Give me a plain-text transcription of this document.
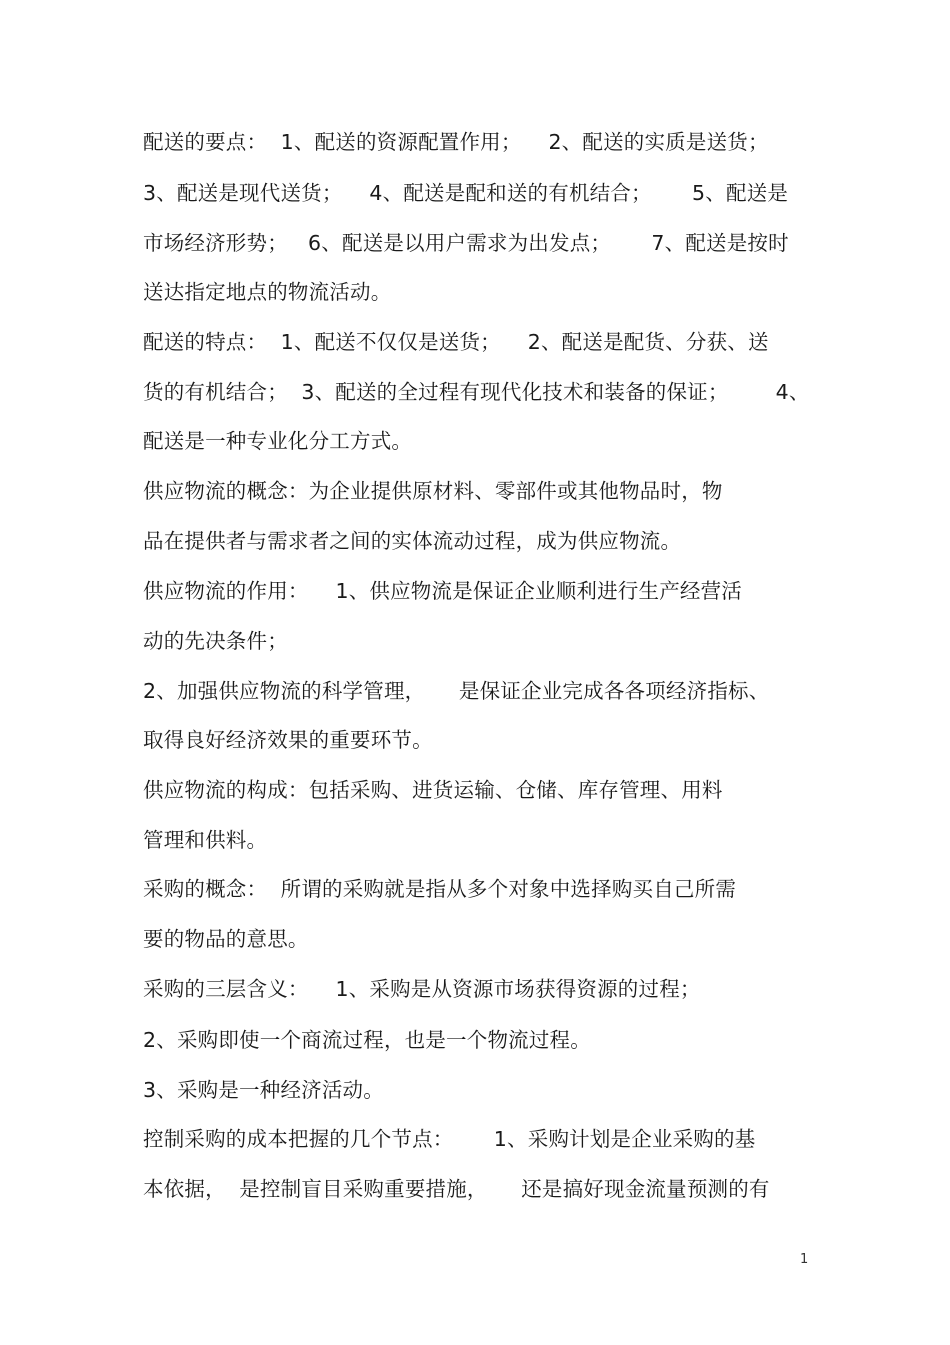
配送的要点：  1、配送的资源配置作用；    2、配送的实质是送货；
3、配送是现代送货；    4、配送是配和送的有机结合；      5、配送是
市场经济形势；   6、配送是以用户需求为出发点；      7、配送是按时
送达指定地点的物流活动。
配送的特点：  1、配送不仅仅是送货；    2、配送是配货、分获、送
货的有机结合；  3、配送的全过程有现代化技术和装备的保证；       4、
配送是一种专业化分工方式。
供应物流的概念：为企业提供原材料、零部件或其他物品时，物
品在提供者与需求者之间的实体流动过程，成为供应物流。
供应物流的作用：    1、供应物流是保证企业顺利进行生产经营活
动的先决条件；
2、加强供应物流的科学管理，     是保证企业完成各各项经济指标、
取得良好经济效果的重要环节。
供应物流的构成：包括采购、进货运输、仓储、库存管理、用料
管理和供料。
采购的概念：  所谓的采购就是指从多个对象中选择购买自己所需
要的物品的意思。
采购的三层含义：    1、采购是从资源市场获得资源的过程；
2、采购即使一个商流过程，也是一个物流过程。
3、采购是一种经济活动。
控制采购的成本把握的几个节点：      1、采购计划是企业采购的基
本依据，  是控制盲目采购重要措施，     还是搞好现金流量预测的有
1
